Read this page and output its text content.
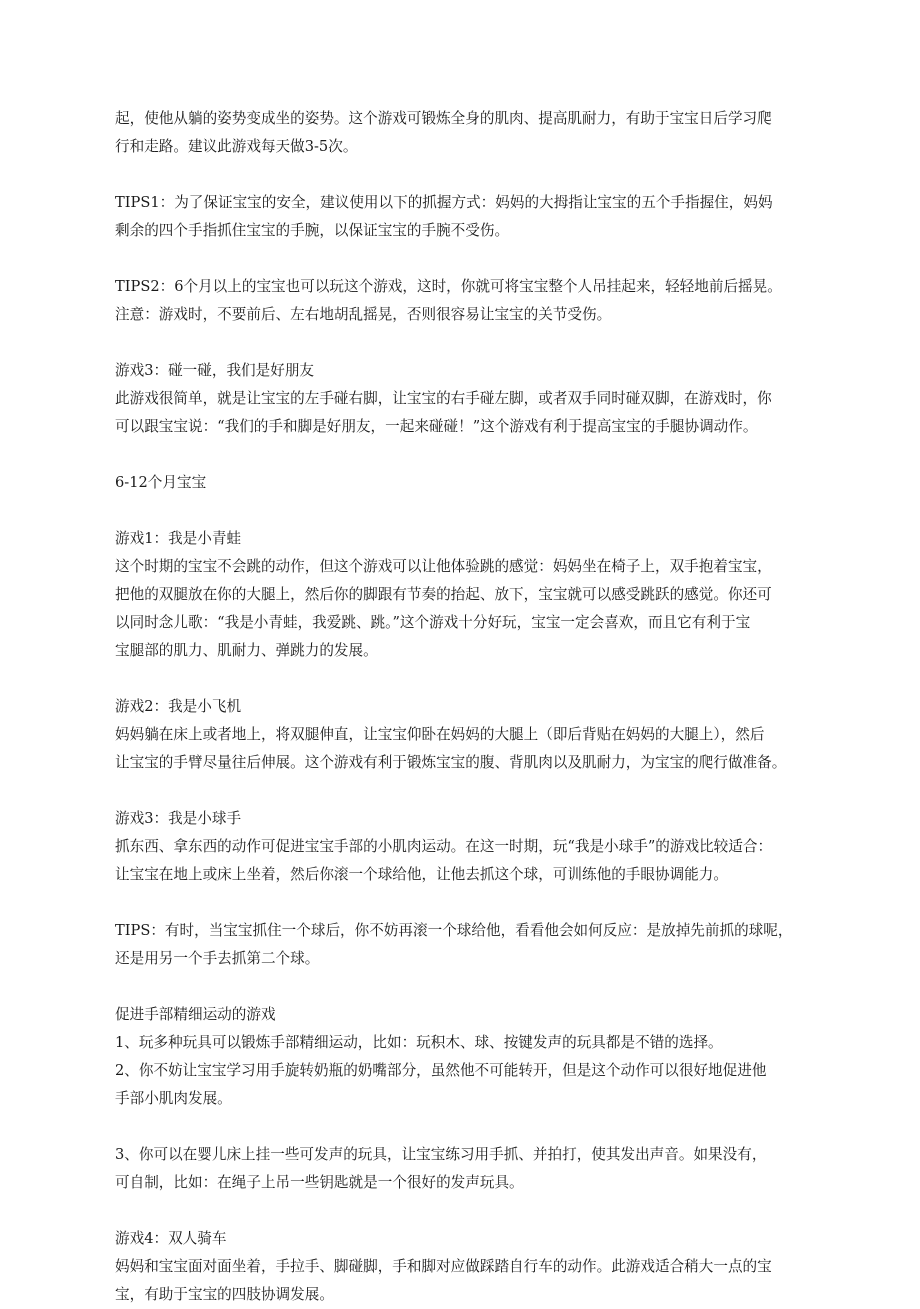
起，使他从躺的姿势变成坐的姿势。这个游戏可锻炼全身的肌肉、提高肌耐力，有助于宝宝日后学习爬

行和走路。建议此游戏每天做3-5次。

TIPS1：为了保证宝宝的安全，建议使用以下的抓握方式：妈妈的大拇指让宝宝的五个手指握住，妈妈

剩余的四个手指抓住宝宝的手腕，以保证宝宝的手腕不受伤。

TIPS2：6个月以上的宝宝也可以玩这个游戏，这时，你就可将宝宝整个人吊挂起来，轻轻地前后摇晃。

注意：游戏时，不要前后、左右地胡乱摇晃，否则很容易让宝宝的关节受伤。

游戏3：碰一碰，我们是好朋友

此游戏很简单，就是让宝宝的左手碰右脚，让宝宝的右手碰左脚，或者双手同时碰双脚，在游戏时，你

可以跟宝宝说：“我们的手和脚是好朋友，一起来碰碰！”这个游戏有利于提高宝宝的手腿协调动作。

6-12个月宝宝

游戏1：我是小青蛙

这个时期的宝宝不会跳的动作，但这个游戏可以让他体验跳的感觉：妈妈坐在椅子上，双手抱着宝宝，

把他的双腿放在你的大腿上，然后你的脚跟有节奏的抬起、放下，宝宝就可以感受跳跃的感觉。你还可

以同时念儿歌：“我是小青蛙，我爱跳、跳。”这个游戏十分好玩，宝宝一定会喜欢，而且它有利于宝

宝腿部的肌力、肌耐力、弹跳力的发展。

游戏2：我是小飞机

妈妈躺在床上或者地上，将双腿伸直，让宝宝仰卧在妈妈的大腿上（即后背贴在妈妈的大腿上），然后

让宝宝的手臂尽量往后伸展。这个游戏有利于锻炼宝宝的腹、背肌肉以及肌耐力，为宝宝的爬行做准备。

游戏3：我是小球手

抓东西、拿东西的动作可促进宝宝手部的小肌肉运动。在这一时期，玩“我是小球手”的游戏比较适合：

让宝宝在地上或床上坐着，然后你滚一个球给他，让他去抓这个球，可训练他的手眼协调能力。

TIPS：有时，当宝宝抓住一个球后，你不妨再滚一个球给他，看看他会如何反应：是放掉先前抓的球呢，

还是用另一个手去抓第二个球。

促进手部精细运动的游戏

1、玩多种玩具可以锻炼手部精细运动，比如：玩积木、球、按键发声的玩具都是不错的选择。

2、你不妨让宝宝学习用手旋转奶瓶的奶嘴部分，虽然他不可能转开，但是这个动作可以很好地促进他

手部小肌肉发展。

3、你可以在婴儿床上挂一些可发声的玩具，让宝宝练习用手抓、并拍打，使其发出声音。如果没有，

可自制，比如：在绳子上吊一些钥匙就是一个很好的发声玩具。

游戏4：双人骑车

妈妈和宝宝面对面坐着，手拉手、脚碰脚，手和脚对应做踩踏自行车的动作。此游戏适合稍大一点的宝

宝，有助于宝宝的四肢协调发展。
